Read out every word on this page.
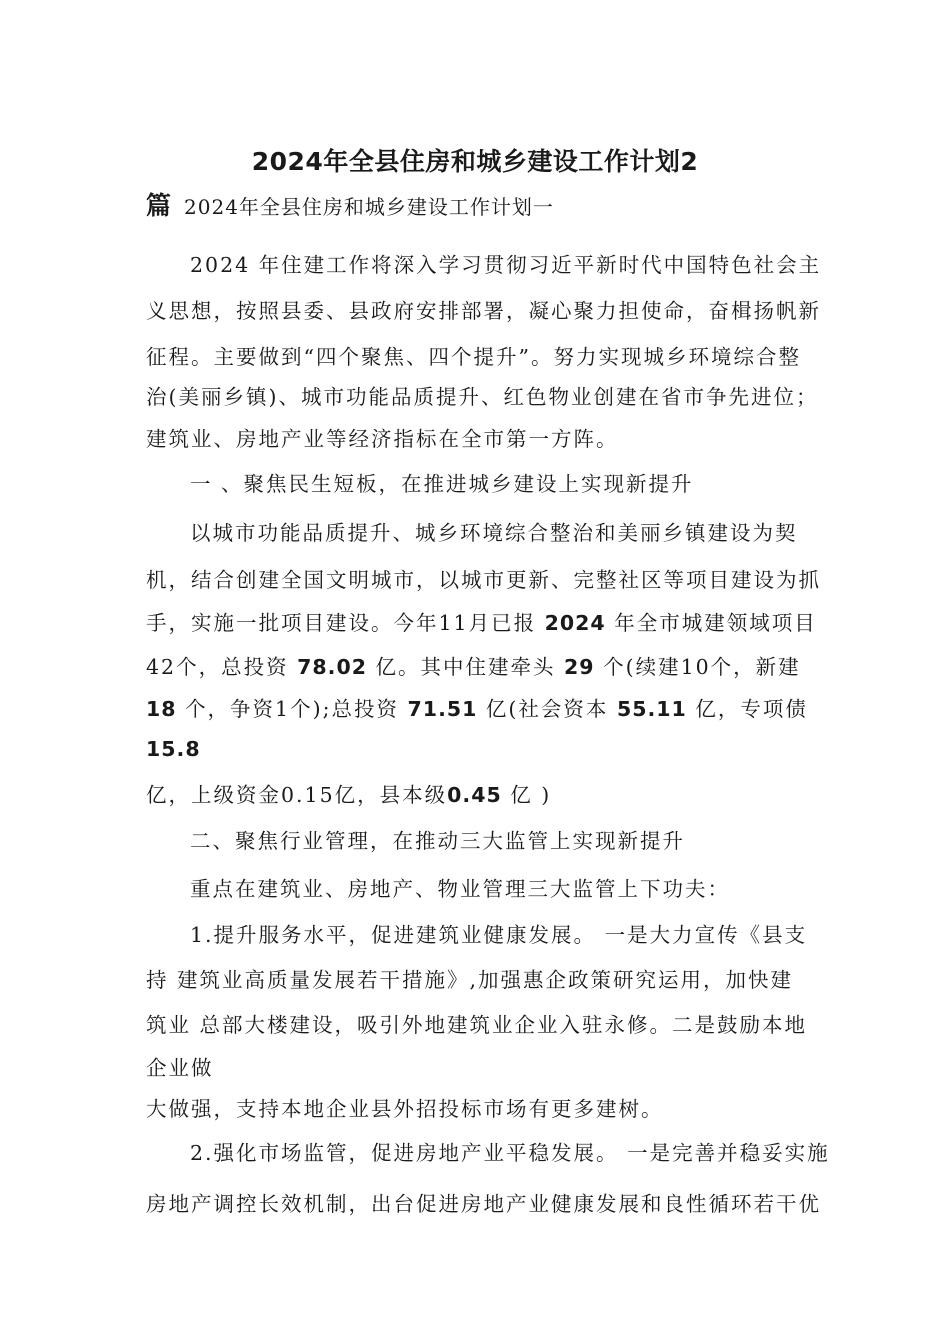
2024年全县住房和城乡建设工作计划2
篇 2024年全县住房和城乡建设工作计划一
2024 年住建工作将深入学习贯彻习近平新时代中国特色社会主
义思想，按照县委、县政府安排部署，凝心聚力担使命，奋楫扬帆新
征程。主要做到“四个聚焦、四个提升”。努力实现城乡环境综合整
治(美丽乡镇)、城市功能品质提升、红色物业创建在省市争先进位；
建筑业、房地产业等经济指标在全市第一方阵。
一 、聚焦民生短板，在推进城乡建设上实现新提升
以城市功能品质提升、城乡环境综合整治和美丽乡镇建设为契
机，结合创建全国文明城市，以城市更新、完整社区等项目建设为抓
手，实施一批项目建设。今年11月已报 2024 年全市城建领域项目
42个，总投资 78.02 亿。其中住建牵头 29 个(续建10个，新建
18 个，争资1个);总投资 71.51 亿(社会资本 55.11 亿，专项债
15.8
亿，上级资金0.15亿，县本级0.45 亿 )
二、聚焦行业管理，在推动三大监管上实现新提升
重点在建筑业、房地产、物业管理三大监管上下功夫：
1.提升服务水平，促进建筑业健康发展。 一是大力宣传《县支
持 建筑业高质量发展若干措施》,加强惠企政策研究运用，加快建
筑业 总部大楼建设，吸引外地建筑业企业入驻永修。二是鼓励本地
企业做
大做强，支持本地企业县外招投标市场有更多建树。
2.强化市场监管，促进房地产业平稳发展。 一是完善并稳妥实施
房地产调控长效机制，出台促进房地产业健康发展和良性循环若干优
